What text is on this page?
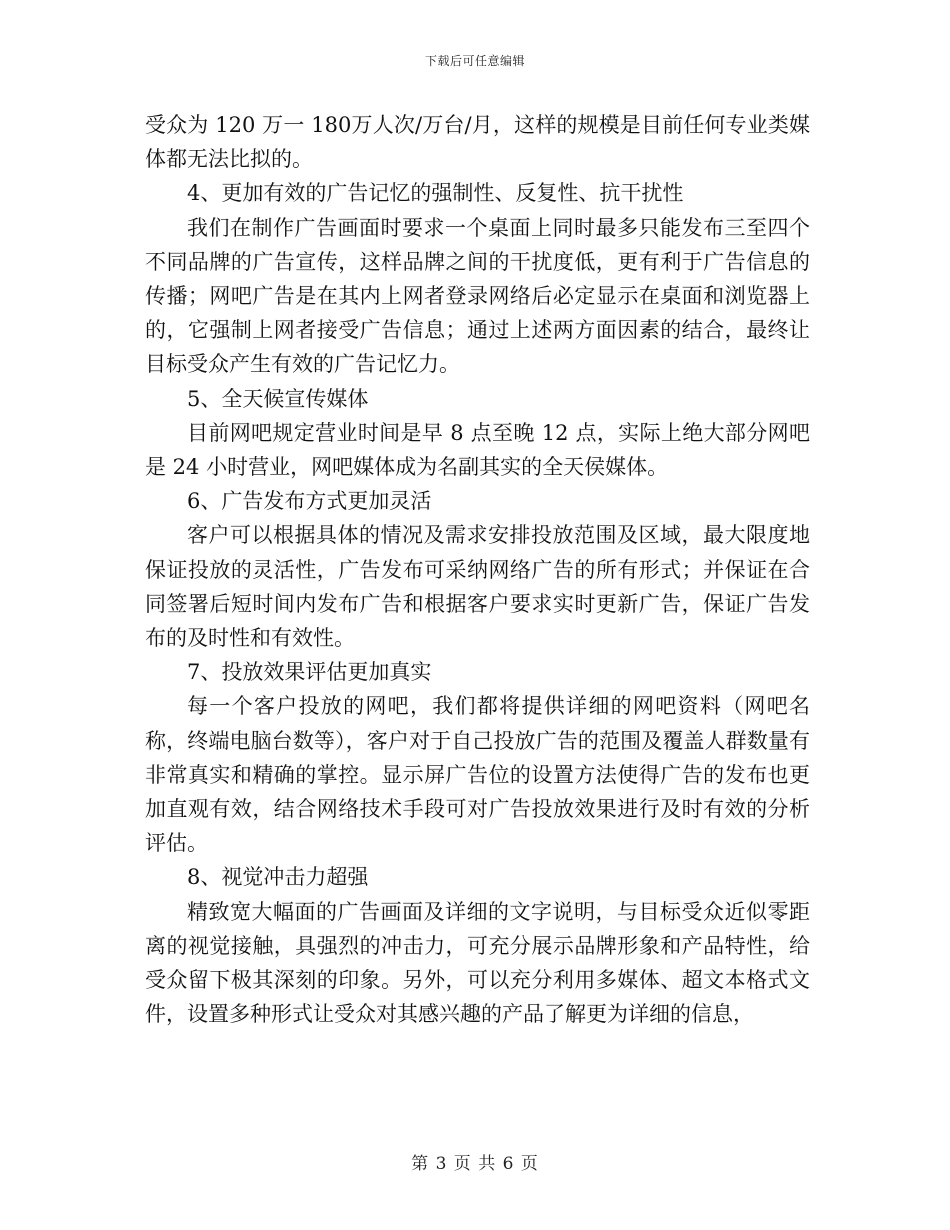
下载后可任意编辑

受众为 120 万一 180万人次/万台/月，这样的规模是目前任何专业类媒体都无法比拟的。

4、更加有效的广告记忆的强制性、反复性、抗干扰性

我们在制作广告画面时要求一个桌面上同时最多只能发布三至四个不同品牌的广告宣传，这样品牌之间的干扰度低，更有利于广告信息的传播；网吧广告是在其内上网者登录网络后必定显示在桌面和浏览器上的，它强制上网者接受广告信息；通过上述两方面因素的结合，最终让目标受众产生有效的广告记忆力。

5、全天候宣传媒体

目前网吧规定营业时间是早 8 点至晚 12 点，实际上绝大部分网吧是 24 小时营业，网吧媒体成为名副其实的全天侯媒体。

6、广告发布方式更加灵活

客户可以根据具体的情况及需求安排投放范围及区域，最大限度地保证投放的灵活性，广告发布可采纳网络广告的所有形式；并保证在合同签署后短时间内发布广告和根据客户要求实时更新广告，保证广告发布的及时性和有效性。

7、投放效果评估更加真实

每一个客户投放的网吧，我们都将提供详细的网吧资料（网吧名称，终端电脑台数等），客户对于自己投放广告的范围及覆盖人群数量有非常真实和精确的掌控。显示屏广告位的设置方法使得广告的发布也更加直观有效，结合网络技术手段可对广告投放效果进行及时有效的分析评估。

8、视觉冲击力超强

精致宽大幅面的广告画面及详细的文字说明，与目标受众近似零距离的视觉接触，具强烈的冲击力，可充分展示品牌形象和产品特性，给受众留下极其深刻的印象。另外，可以充分利用多媒体、超文本格式文件，设置多种形式让受众对其感兴趣的产品了解更为详细的信息，

第 3 页 共 6 页
